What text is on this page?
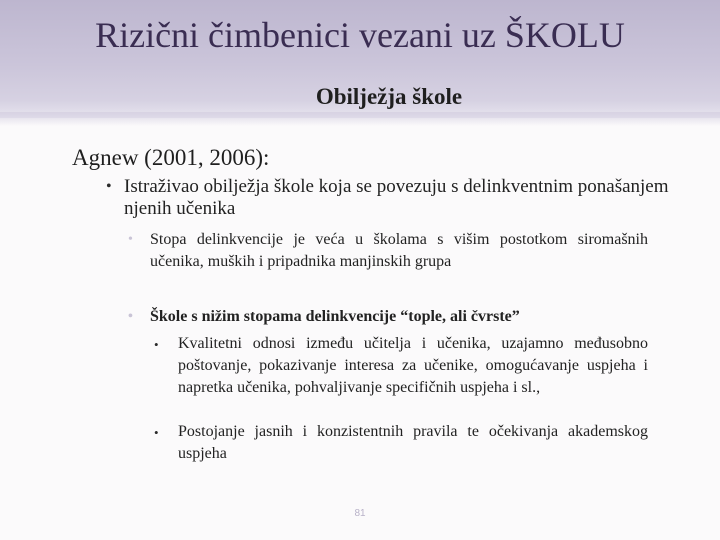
Rizični čimbenici vezani uz ŠKOLU
Obilježja škole
Agnew (2001, 2006):
• Istraživao obilježja škole koja se povezuju s delinkventnim ponašanjem njenih učenika
•	Stopa delinkvencije je veća u školama s višim postotkom siromašnih učenika, muških i pripadnika manjinskih grupa
•	Škole s nižim stopama delinkvencije “tople, ali čvrste”
•	Kvalitetni odnosi između učitelja i učenika, uzajamno međusobno poštovanje, pokazivanje interesa za učenike, omogućavanje uspjeha i napretka učenika, pohvaljivanje specifičnih uspjeha i sl.,
•	Postojanje jasnih i konzistentnih pravila te očekivanja akademskog uspjeha
81
